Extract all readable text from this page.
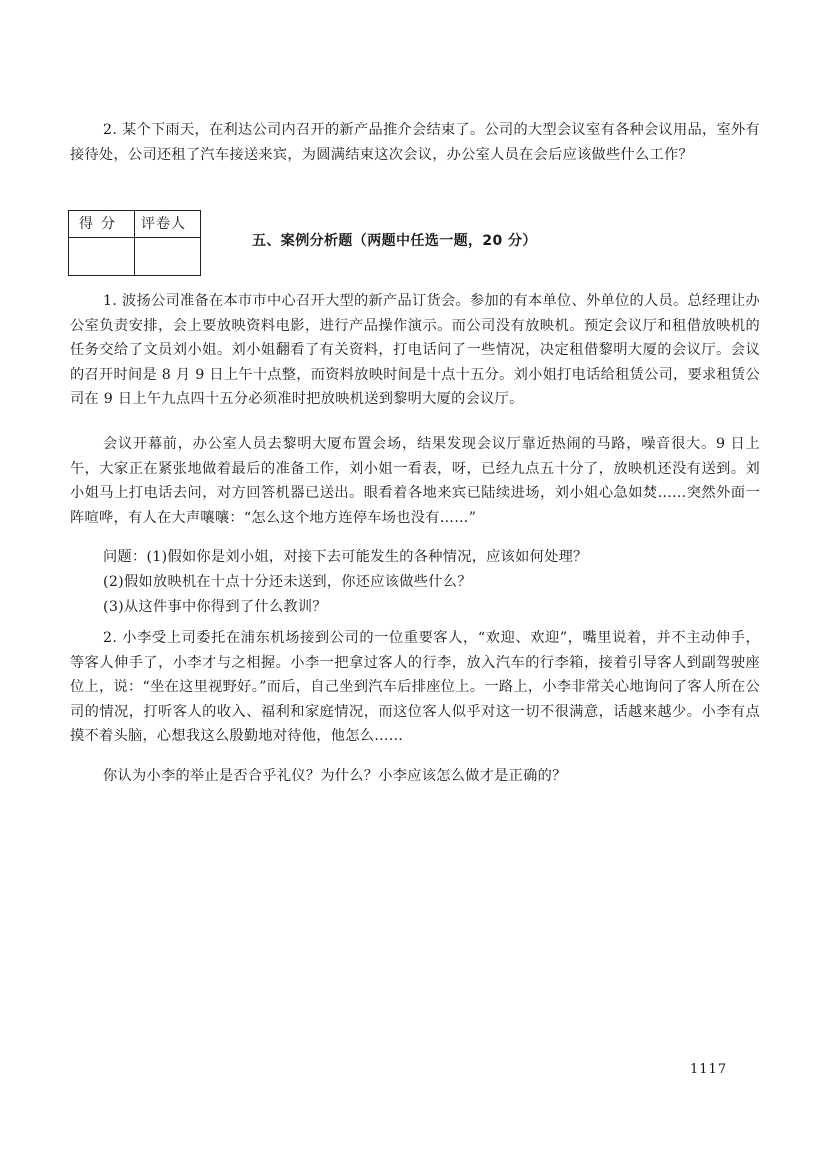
2. 某个下雨天，在利达公司内召开的新产品推介会结束了。公司的大型会议室有各种会议用品，室外有接待处，公司还租了汽车接送来宾，为圆满结束这次会议，办公室人员在会后应该做些什么工作？

得分 评卷人
五、案例分析题（两题中任选一题，20 分）

1. 波扬公司准备在本市市中心召开大型的新产品订货会。参加的有本单位、外单位的人员。总经理让办公室负责安排，会上要放映资料电影，进行产品操作演示。而公司没有放映机。预定会议厅和租借放映机的任务交给了文员刘小姐。刘小姐翻看了有关资料，打电话问了一些情况，决定租借黎明大厦的会议厅。会议的召开时间是 8 月 9 日上午十点整，而资料放映时间是十点十五分。刘小姐打电话给租赁公司，要求租赁公司在 9 日上午九点四十五分必须准时把放映机送到黎明大厦的会议厅。

会议开幕前，办公室人员去黎明大厦布置会场，结果发现会议厅靠近热闹的马路，噪音很大。9 日上午，大家正在紧张地做着最后的准备工作，刘小姐一看表，呀，已经九点五十分了，放映机还没有送到。刘小姐马上打电话去问，对方回答机器已送出。眼看着各地来宾已陆续进场，刘小姐心急如焚……突然外面一阵喧哗，有人在大声嚷嚷：“怎么这个地方连停车场也没有……”

问题：(1)假如你是刘小姐，对接下去可能发生的各种情况，应该如何处理？

(2)假如放映机在十点十分还未送到，你还应该做些什么？

(3)从这件事中你得到了什么教训？

2. 小李受上司委托在浦东机场接到公司的一位重要客人，“欢迎、欢迎”，嘴里说着，并不主动伸手，等客人伸手了，小李才与之相握。小李一把拿过客人的行李，放入汽车的行李箱，接着引导客人到副驾驶座位上，说：“坐在这里视野好。”而后，自己坐到汽车后排座位上。一路上，小李非常关心地询问了客人所在公司的情况，打听客人的收入、福利和家庭情况，而这位客人似乎对这一切不很满意，话越来越少。小李有点摸不着头脑，心想我这么殷勤地对待他，他怎么……

你认为小李的举止是否合乎礼仪？为什么？小李应该怎么做才是正确的？

1117
